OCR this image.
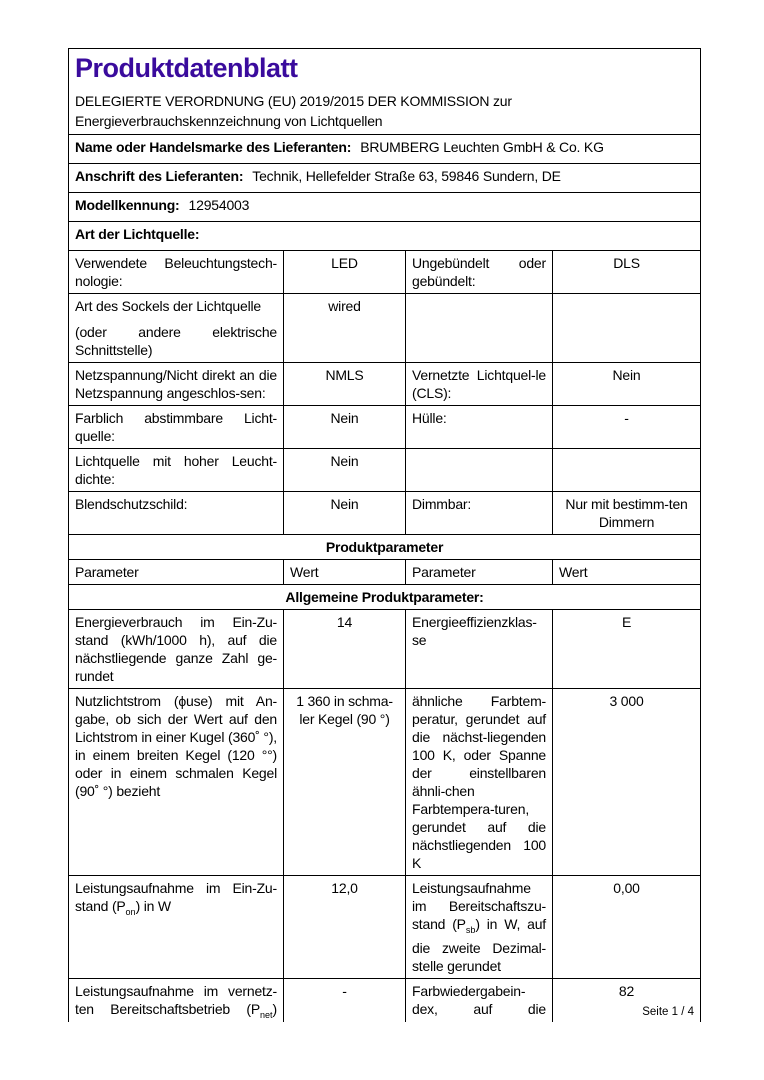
Produktdatenblatt
DELEGIERTE VERORDNUNG (EU) 2019/2015 DER KOMMISSION zur
Energieverbrauchskennzeichnung von Lichtquellen

Name oder Handelsmarke des Lieferanten: BRUMBERG Leuchten GmbH & Co. KG			
Anschrift des Lieferanten: Technik, Hellefelder Straße 63, 59846 Sundern, DE			
Modellkennung: 12954003			
Art der Lichtquelle:			
Verwendete Beleuchtungstech-nologie:	LED	Ungebündelt oder gebündelt:	DLS

Art des Sockels der Lichtquelle
(oder andere elektrische Schnittstelle)	wired		
Netzspannung/Nicht direkt an die Netzspannung angeschlos-sen:	NMLS	Vernetzte Lichtquel-le (CLS):	Nein
Farblich abstimmbare Licht-quelle:	Nein	Hülle:	-
Lichtquelle mit hoher Leucht-dichte:	Nein		
Blendschutzschild:	Nein	Dimmbar:	Nur mit bestimm-ten Dimmern
Produktparameter			
Parameter	Wert	Parameter	Wert
Allgemeine Produktparameter:			
Energieverbrauch im Ein-Zu-stand (kWh/1000 h), auf die nächstliegende ganze Zahl ge-rundet	14	Energieeffizienzklas-se	E
Nutzlichtstrom (ϕuse) mit An-gabe, ob sich der Wert auf den Lichtstrom in einer Kugel (360˚ °), in einem breiten Kegel (120 °°) oder in einem schmalen Kegel (90˚ °) bezieht	1 360 in schma-ler Kegel (90 °)	ähnliche Farbtem-peratur, gerundet auf die nächst-liegenden 100 K, oder Spanne der einstellbaren ähnli-chen Farbtempera-turen, gerundet auf die nächstliegenden 100 K	3 000
Leistungsaufnahme im Ein-Zu-stand $(P_{on})$ in W	12,0	Leistungsaufnahme im Bereitschaftszu-stand $(P_{sb})$ in W, auf die zweite Dezimal-stelle gerundet	0,00

Leistungsaufnahme im vernetz-ten Bereitschaftsbetrieb $(P_{net})$	-	Farbwiedergabein-dex, auf die	82
Seite 1 / 4
